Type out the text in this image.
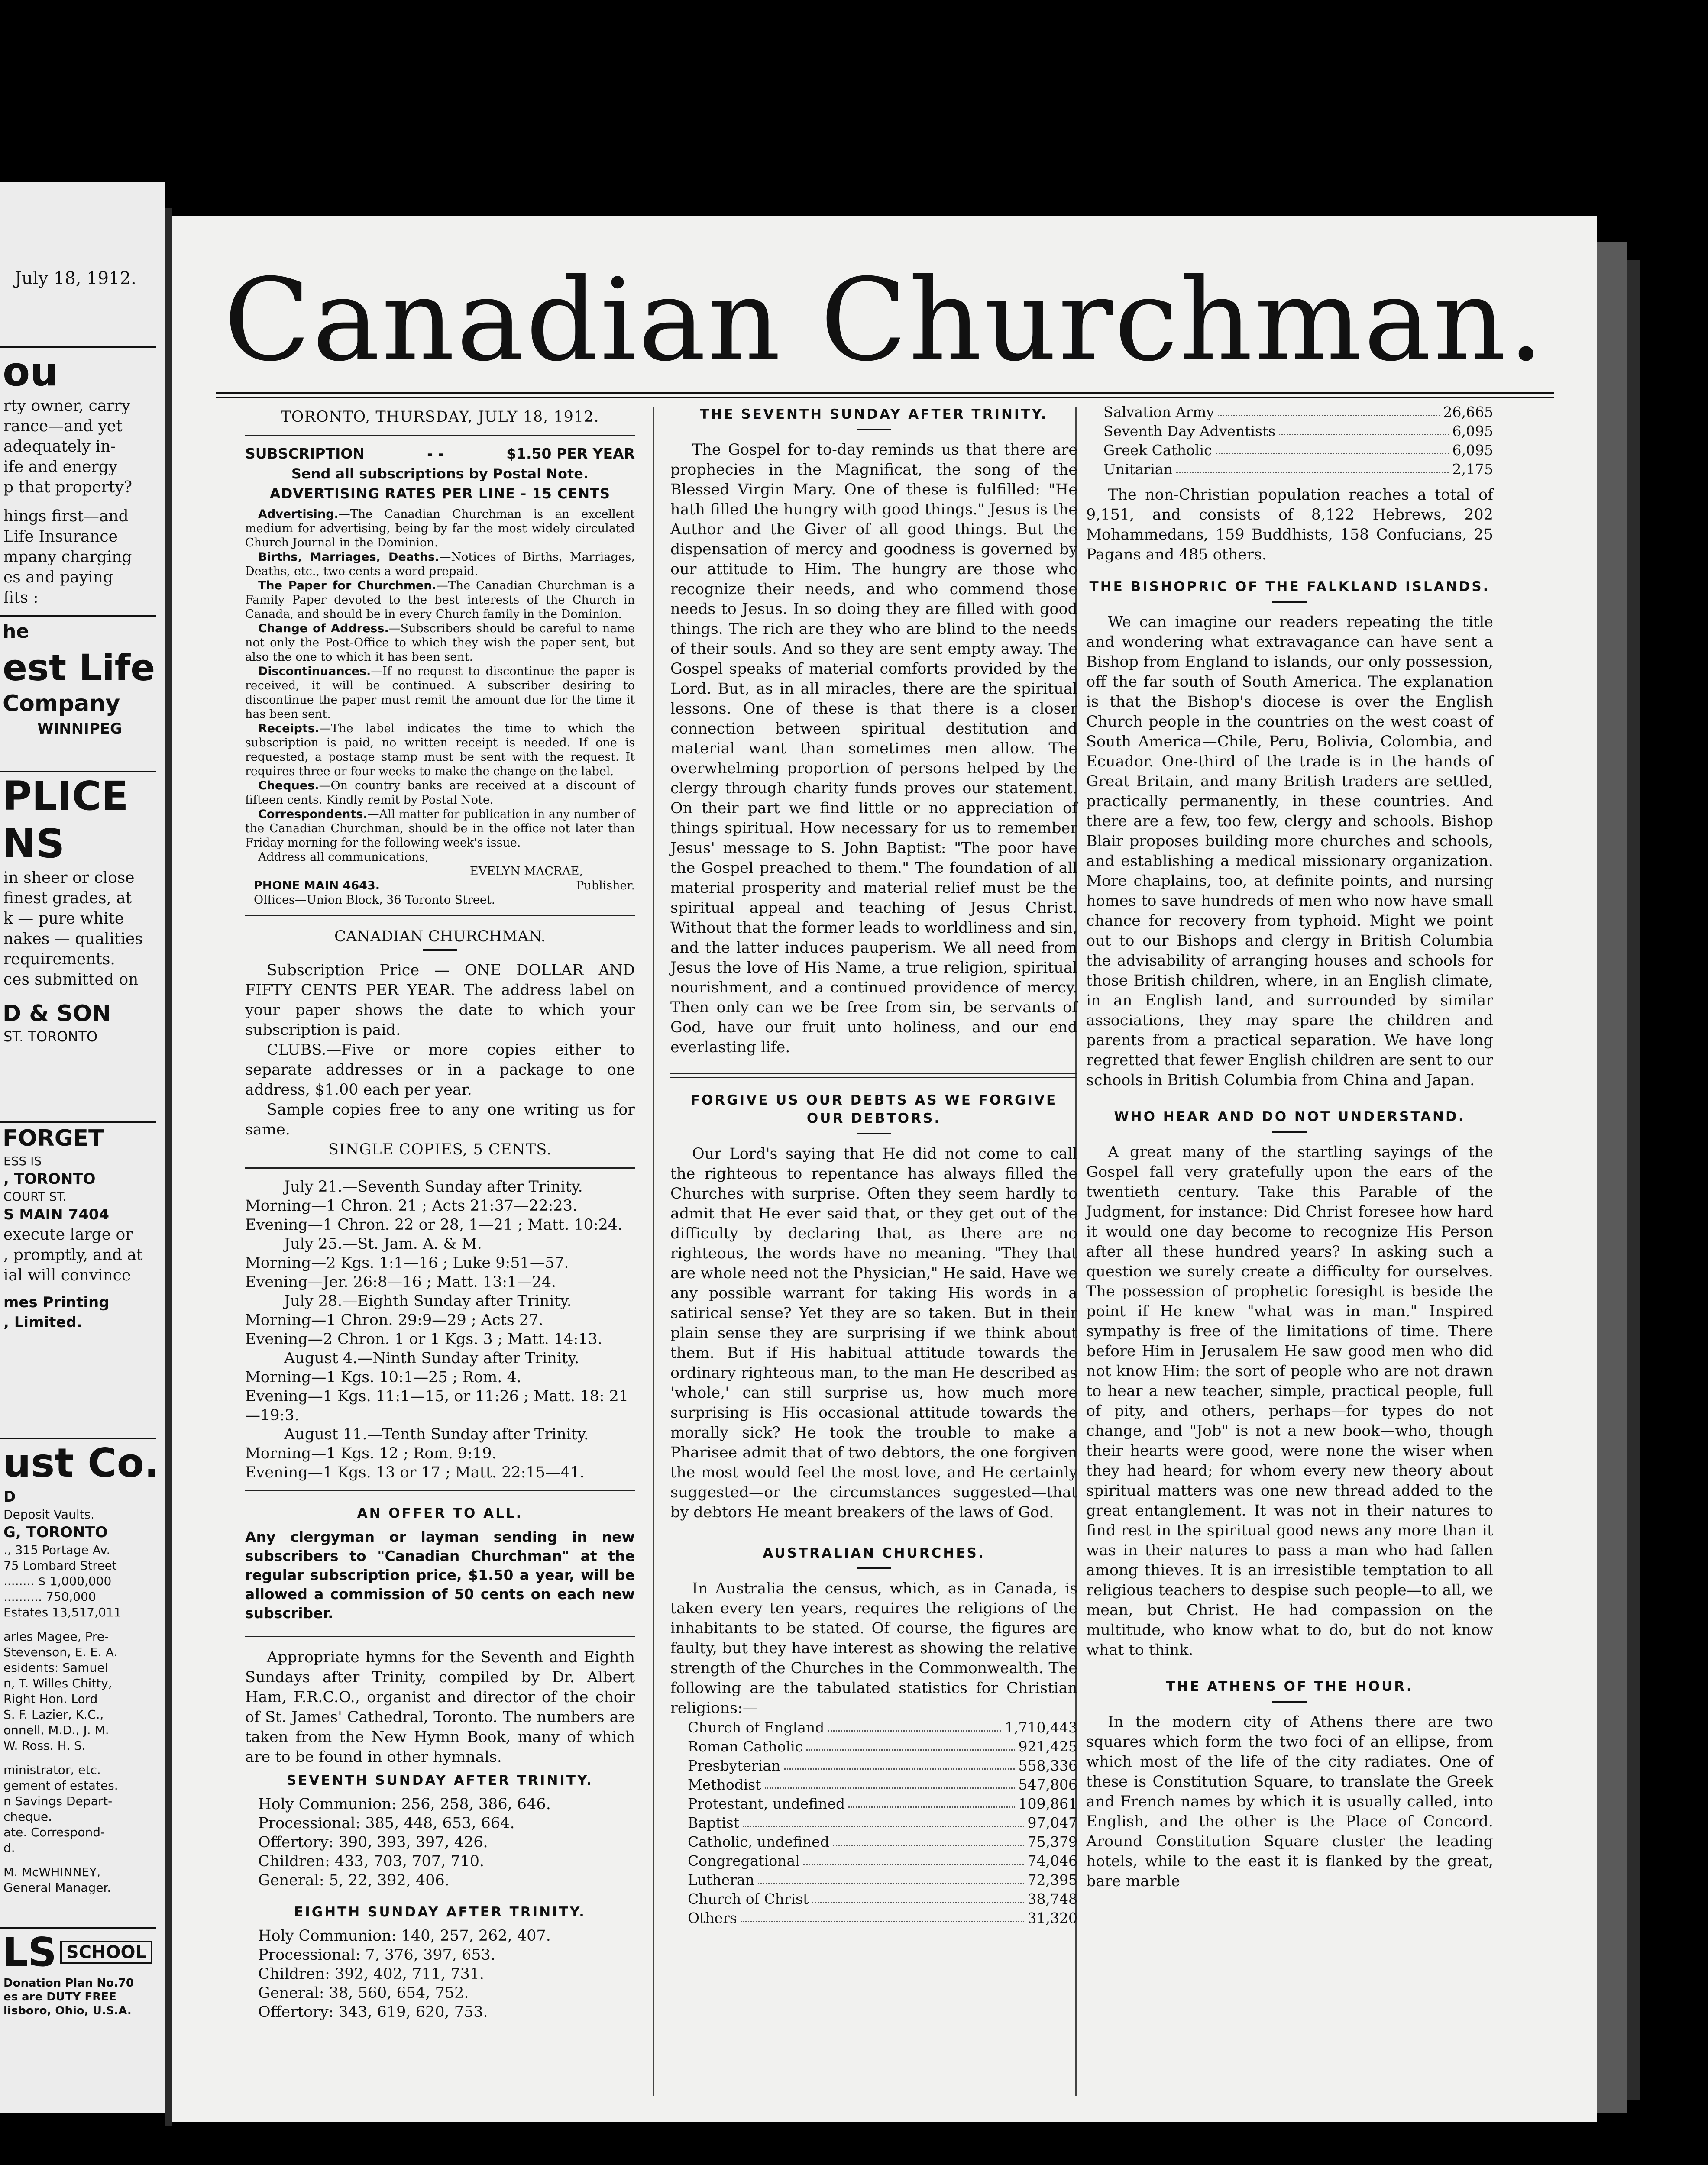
July 18, 1912.
ou
rty owner, carry
rance—and yet
adequately in-
ife and energy
p that property?
hings first—and
Life Insurance
mpany charging
es and paying
fits :
he
est Life
Company
WINNIPEG
PLICE
NS
in sheer or close
finest grades, at
k — pure white
nakes — qualities
requirements.
ces submitted on
D & SON
ST. TORONTO
FORGET
ESS IS
, TORONTO
COURT ST.
S MAIN 7404
execute large or
, promptly, and at
ial will convince
mes Printing
, Limited.
ust Co.
D
Deposit Vaults.
G, TORONTO
., 315 Portage Av.
75 Lombard Street
........ $ 1,000,000
.......... 750,000
Estates 13,517,011
arles Magee, Pre-
Stevenson, E. E. A.
esidents: Samuel
n, T. Willes Chitty,
Right Hon. Lord
S. F. Lazier, K.C.,
onnell, M.D., J. M.
W. Ross. H. S.
ministrator, etc.
gement of estates.
n Savings Depart-
cheque.
ate. Correspond-
d.
M. McWHINNEY,
General Manager.
LS SCHOOL
Donation Plan No.70
es are DUTY FREE
lisboro, Ohio, U.S.A.
Canadian Churchman.
TORONTO, THURSDAY, JULY 18, 1912.
SUBSCRIPTION	- -	$1.50 PER YEAR
Send all subscriptions by Postal Note.
ADVERTISING RATES PER LINE - 15 CENTS
Advertising.—The Canadian Churchman is an excellent medium for advertising, being by far the most widely circulated Church Journal in the Dominion.
Births, Marriages, Deaths.—Notices of Births, Marriages, Deaths, etc., two cents a word prepaid.
The Paper for Churchmen.—The Canadian Churchman is a Family Paper devoted to the best interests of the Church in Canada, and should be in every Church family in the Dominion.
Change of Address.—Subscribers should be careful to name not only the Post-Office to which they wish the paper sent, but also the one to which it has been sent.
Discontinuances.—If no request to discontinue the paper is received, it will be continued. A subscriber desiring to discontinue the paper must remit the amount due for the time it has been sent.
Receipts.—The label indicates the time to which the subscription is paid, no written receipt is needed. If one is requested, a postage stamp must be sent with the request. It requires three or four weeks to make the change on the label.
Cheques.—On country banks are received at a discount of fifteen cents. Kindly remit by Postal Note.
Correspondents.—All matter for publication in any number of the Canadian Churchman, should be in the office not later than Friday morning for the following week's issue.
Address all communications,
EVELYN MACRAE,
PHONE MAIN 4643.	Publisher.
Offices—Union Block, 36 Toronto Street.
CANADIAN CHURCHMAN.

Subscription Price — ONE DOLLAR AND FIFTY CENTS PER YEAR. The address label on your paper shows the date to which your subscription is paid.

CLUBS.—Five or more copies either to separate addresses or in a package to one address, $1.00 each per year.

Sample copies free to any one writing us for same.

SINGLE COPIES, 5 CENTS.
July 21.—Seventh Sunday after Trinity.
Morning—1 Chron. 21 ; Acts 21:37—22:23.
Evening—1 Chron. 22 or 28, 1—21 ; Matt. 10:24.
July 25.—St. Jam. A. & M.
Morning—2 Kgs. 1:1—16 ; Luke 9:51—57.
Evening—Jer. 26:8—16 ; Matt. 13:1—24.
July 28.—Eighth Sunday after Trinity.
Morning—1 Chron. 29:9—29 ; Acts 27.
Evening—2 Chron. 1 or 1 Kgs. 3 ; Matt. 14:13.
August 4.—Ninth Sunday after Trinity.
Morning—1 Kgs. 10:1—25 ; Rom. 4.
Evening—1 Kgs. 11:1—15, or 11:26 ; Matt. 18: 21—19:3.
August 11.—Tenth Sunday after Trinity.
Morning—1 Kgs. 12 ; Rom. 9:19.
Evening—1 Kgs. 13 or 17 ; Matt. 22:15—41.
AN OFFER TO ALL.
Any clergyman or layman sending in new subscribers to "Canadian Churchman" at the regular subscription price, $1.50 a year, will be allowed a commission of 50 cents on each new subscriber.

Appropriate hymns for the Seventh and Eighth Sundays after Trinity, compiled by Dr. Albert Ham, F.R.C.O., organist and director of the choir of St. James' Cathedral, Toronto. The numbers are taken from the New Hymn Book, many of which are to be found in other hymnals.

SEVENTH SUNDAY AFTER TRINITY.
Holy Communion: 256, 258, 386, 646.
Processional: 385, 448, 653, 664.
Offertory: 390, 393, 397, 426.
Children: 433, 703, 707, 710.
General: 5, 22, 392, 406.
EIGHTH SUNDAY AFTER TRINITY.
Holy Communion: 140, 257, 262, 407.
Processional: 7, 376, 397, 653.
Children: 392, 402, 711, 731.
General: 38, 560, 654, 752.
Offertory: 343, 619, 620, 753.
THE SEVENTH SUNDAY AFTER TRINITY.

The Gospel for to-day reminds us that there are prophecies in the Magnificat, the song of the Blessed Virgin Mary. One of these is fulfilled: "He hath filled the hungry with good things." Jesus is the Author and the Giver of all good things. But the dispensation of mercy and goodness is governed by our attitude to Him. The hungry are those who recognize their needs, and who commend those needs to Jesus. In so doing they are filled with good things. The rich are they who are blind to the needs of their souls. And so they are sent empty away. The Gospel speaks of material comforts provided by the Lord. But, as in all miracles, there are the spiritual lessons. One of these is that there is a closer connection between spiritual destitution and material want than sometimes men allow. The overwhelming proportion of persons helped by the clergy through charity funds proves our statement. On their part we find little or no appreciation of things spiritual. How necessary for us to remember Jesus' message to S. John Baptist: "The poor have the Gospel preached to them." The foundation of all material prosperity and material relief must be the spiritual appeal and teaching of Jesus Christ. Without that the former leads to worldliness and sin, and the latter induces pauperism. We all need from Jesus the love of His Name, a true religion, spiritual nourishment, and a continued providence of mercy. Then only can we be free from sin, be servants of God, have our fruit unto holiness, and our end everlasting life.

FORGIVE US OUR DEBTS AS WE FORGIVE OUR DEBTORS.

Our Lord's saying that He did not come to call the righteous to repentance has always filled the Churches with surprise. Often they seem hardly to admit that He ever said that, or they get out of the difficulty by declaring that, as there are no righteous, the words have no meaning. "They that are whole need not the Physician," He said. Have we any possible warrant for taking His words in a satirical sense? Yet they are so taken. But in their plain sense they are surprising if we think about them. But if His habitual attitude towards the ordinary righteous man, to the man He described as 'whole,' can still surprise us, how much more surprising is His occasional attitude towards the morally sick? He took the trouble to make a Pharisee admit that of two debtors, the one forgiven the most would feel the most love, and He certainly suggested—or the circumstances suggested—that by debtors He meant breakers of the laws of God.

AUSTRALIAN CHURCHES.

In Australia the census, which, as in Canada, is taken every ten years, requires the religions of the inhabitants to be stated. Of course, the figures are faulty, but they have interest as showing the relative strength of the Churches in the Commonwealth. The following are the tabulated statistics for Christian religions:—

Church of England	1,710,443
Roman Catholic	921,425
Presbyterian	558,336
Methodist	547,806
Protestant, undefined	109,861
Baptist	97,047
Catholic, undefined	75,379
Congregational	74,046
Lutheran	72,395
Church of Christ	38,748
Others	31,320
Salvation Army	26,665
Seventh Day Adventists	6,095
Greek Catholic	6,095
Unitarian	2,175

The non-Christian population reaches a total of 9,151, and consists of 8,122 Hebrews, 202 Mohammedans, 159 Buddhists, 158 Confucians, 25 Pagans and 485 others.

THE BISHOPRIC OF THE FALKLAND ISLANDS.

We can imagine our readers repeating the title and wondering what extravagance can have sent a Bishop from England to islands, our only possession, off the far south of South America. The explanation is that the Bishop's diocese is over the English Church people in the countries on the west coast of South America—Chile, Peru, Bolivia, Colombia, and Ecuador. One-third of the trade is in the hands of Great Britain, and many British traders are settled, practically permanently, in these countries. And there are a few, too few, clergy and schools. Bishop Blair proposes building more churches and schools, and establishing a medical missionary organization. More chaplains, too, at definite points, and nursing homes to save hundreds of men who now have small chance for recovery from typhoid. Might we point out to our Bishops and clergy in British Columbia the advisability of arranging houses and schools for those British children, where, in an English climate, in an English land, and surrounded by similar associations, they may spare the children and parents from a practical separation. We have long regretted that fewer English children are sent to our schools in British Columbia from China and Japan.

WHO HEAR AND DO NOT UNDERSTAND.

A great many of the startling sayings of the Gospel fall very gratefully upon the ears of the twentieth century. Take this Parable of the Judgment, for instance: Did Christ foresee how hard it would one day become to recognize His Person after all these hundred years? In asking such a question we surely create a difficulty for ourselves. The possession of prophetic foresight is beside the point if He knew "what was in man." Inspired sympathy is free of the limitations of time. There before Him in Jerusalem He saw good men who did not know Him: the sort of people who are not drawn to hear a new teacher, simple, practical people, full of pity, and others, perhaps—for types do not change, and "Job" is not a new book—who, though their hearts were good, were none the wiser when they had heard; for whom every new theory about spiritual matters was one new thread added to the great entanglement. It was not in their natures to find rest in the spiritual good news any more than it was in their natures to pass a man who had fallen among thieves. It is an irresistible temptation to all religious teachers to despise such people—to all, we mean, but Christ. He had compassion on the multitude, who know what to do, but do not know what to think.

THE ATHENS OF THE HOUR.

In the modern city of Athens there are two squares which form the two foci of an ellipse, from which most of the life of the city radiates. One of these is Constitution Square, to translate the Greek and French names by which it is usually called, into English, and the other is the Place of Concord. Around Constitution Square cluster the leading hotels, while to the east it is flanked by the great, bare marble
